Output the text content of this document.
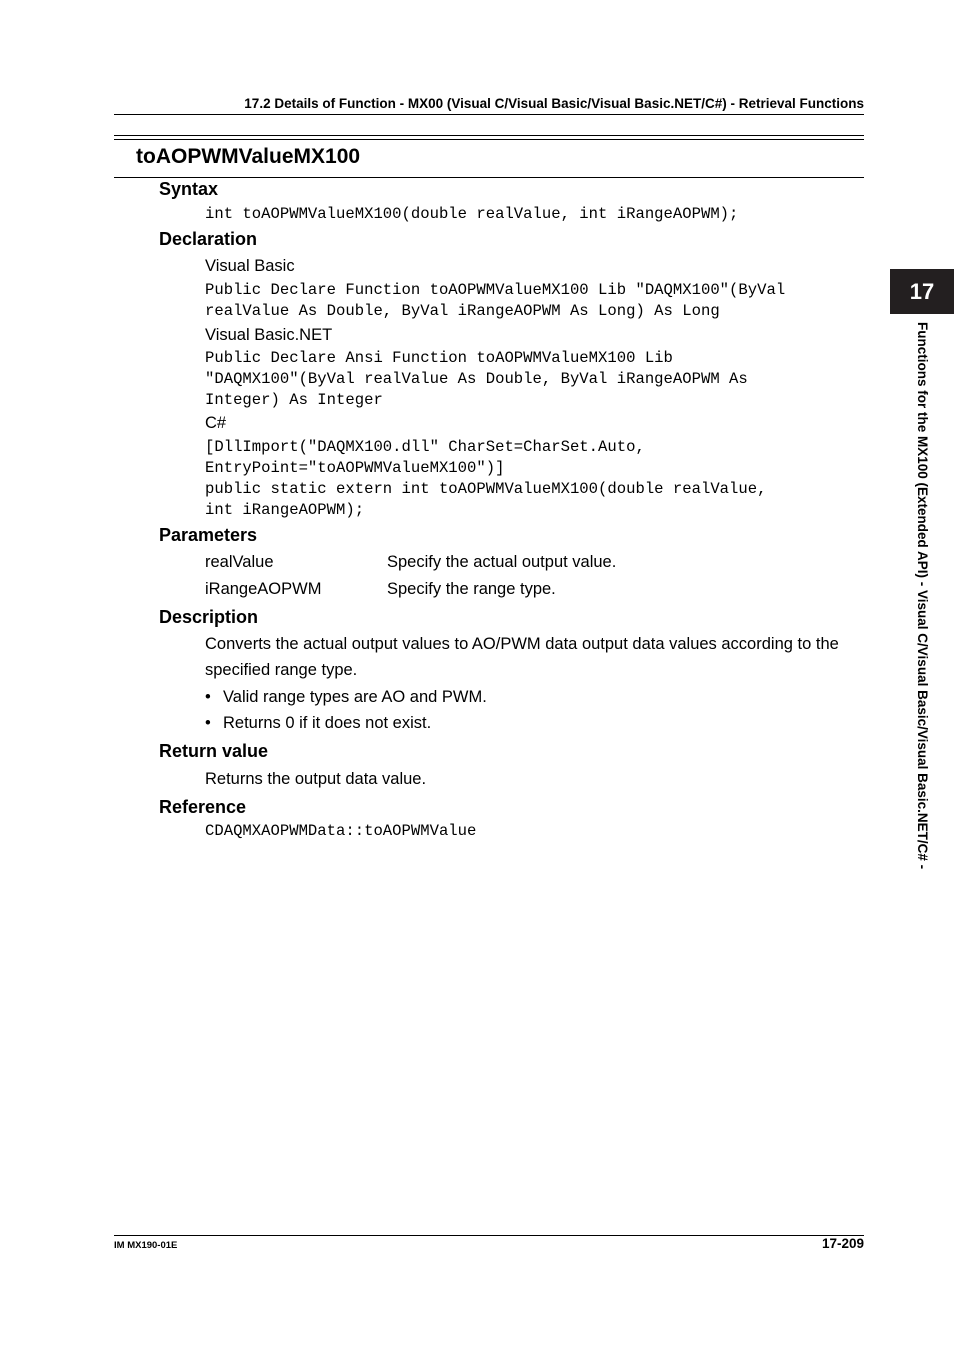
17.2 Details of Function - MX00 (Visual C/Visual Basic/Visual Basic.NET/C#) - Retrieval Functions
toAOPWMValueMX100
Syntax
int toAOPWMValueMX100(double realValue, int iRangeAOPWM);
Declaration
Visual Basic
Public Declare Function toAOPWMValueMX100 Lib "DAQMX100"(ByVal
realValue As Double, ByVal iRangeAOPWM As Long) As Long
Visual Basic.NET
Public Declare Ansi Function toAOPWMValueMX100 Lib
"DAQMX100"(ByVal realValue As Double, ByVal iRangeAOPWM As
Integer) As Integer
C#
[DllImport("DAQMX100.dll" CharSet=CharSet.Auto,
EntryPoint="toAOPWMValueMX100")]
public static extern int toAOPWMValueMX100(double realValue,
int iRangeAOPWM);
Parameters
realValue	Specify the actual output value.
iRangeAOPWM	Specify the range type.
Description
Converts the actual output values to AO/PWM data output data values according to the specified range type.
• Valid range types are AO and PWM.
• Returns 0 if it does not exist.
Return value
Returns the output data value.
Reference
CDAQMXAOPWMData::toAOPWMValue
17
Functions for the MX100 (Extended API) - Visual C/Visual Basic/Visual Basic.NET/C# -
IM MX190-01E	17-209
